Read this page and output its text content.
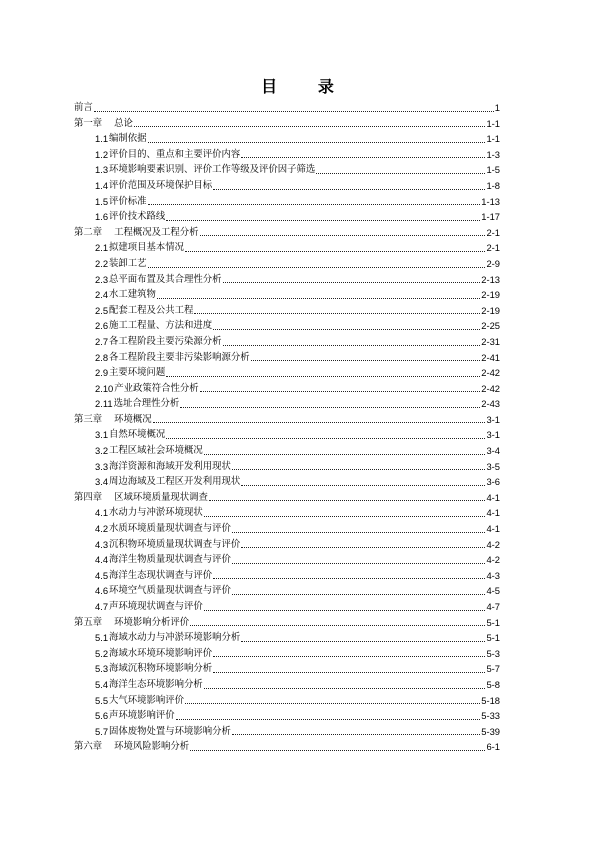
目 录
前言	1
第一章 总论	1-1
1.1 编制依据	1-1
1.2 评价目的、重点和主要评价内容	1-3
1.3 环境影响要素识别、评价工作等级及评价因子筛选	1-5
1.4 评价范围及环境保护目标	1-8
1.5 评价标准	1-13
1.6 评价技术路线	1-17
第二章 工程概况及工程分析	2-1
2.1 拟建项目基本情况	2-1
2.2 装卸工艺	2-9
2.3 总平面布置及其合理性分析	2-13
2.4 水工建筑物	2-19
2.5 配套工程及公共工程	2-19
2.6 施工工程量、方法和进度	2-25
2.7 各工程阶段主要污染源分析	2-31
2.8 各工程阶段主要非污染影响源分析	2-41
2.9 主要环境问题	2-42
2.10 产业政策符合性分析	2-42
2.11 选址合理性分析	2-43
第三章 环境概况	3-1
3.1 自然环境概况	3-1
3.2 工程区域社会环境概况	3-4
3.3 海洋资源和海域开发利用现状	3-5
3.4 周边海域及工程区开发利用现状	3-6
第四章 区域环境质量现状调查	4-1
4.1 水动力与冲淤环境现状	4-1
4.2 水质环境质量现状调查与评价	4-1
4.3 沉积物环境质量现状调查与评价	4-2
4.4 海洋生物质量现状调查与评价	4-2
4.5 海洋生态现状调查与评价	4-3
4.6 环境空气质量现状调查与评价	4-5
4.7 声环境现状调查与评价	4-7
第五章 环境影响分析评价	5-1
5.1 海域水动力与冲淤环境影响分析	5-1
5.2 海域水环境环境影响评价	5-3
5.3 海域沉积物环境影响分析	5-7
5.4 海洋生态环境影响分析	5-8
5.5 大气环境影响评价	5-18
5.6 声环境影响评价	5-33
5.7 固体废物处置与环境影响分析	5-39
第六章 环境风险影响分析	6-1
